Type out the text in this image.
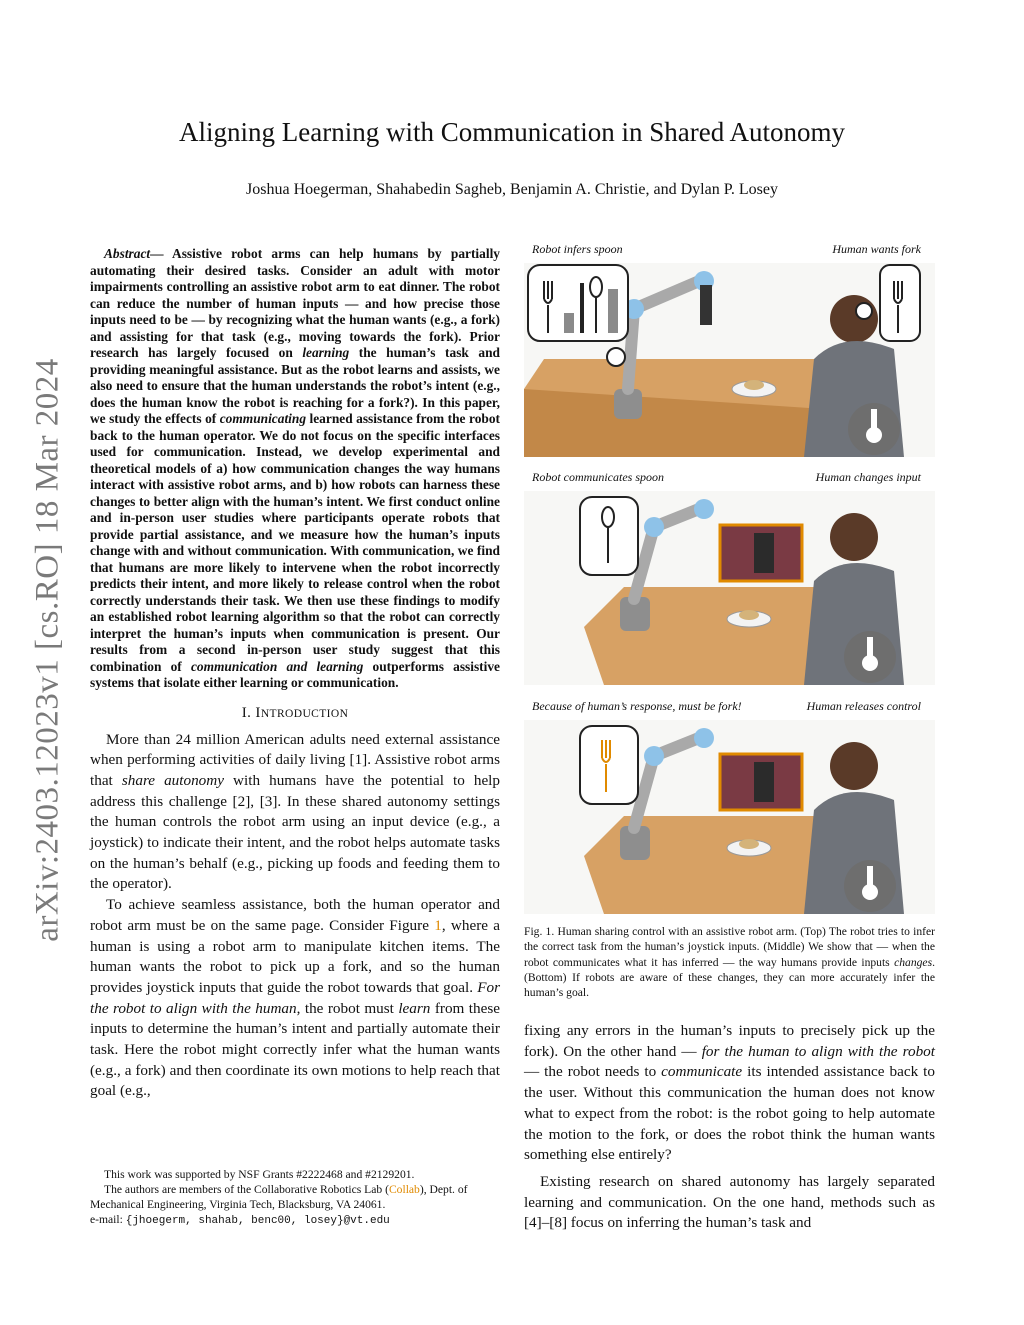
arXiv:2403.12023v1 [cs.RO] 18 Mar 2024
Aligning Learning with Communication in Shared Autonomy
Joshua Hoegerman, Shahabedin Sagheb, Benjamin A. Christie, and Dylan P. Losey
Abstract— Assistive robot arms can help humans by partially automating their desired tasks. Consider an adult with motor impairments controlling an assistive robot arm to eat dinner. The robot can reduce the number of human inputs — and how precise those inputs need to be — by recognizing what the human wants (e.g., a fork) and assisting for that task (e.g., moving towards the fork). Prior research has largely focused on learning the human’s task and providing meaningful assistance. But as the robot learns and assists, we also need to ensure that the human understands the robot’s intent (e.g., does the human know the robot is reaching for a fork?). In this paper, we study the effects of communicating learned assistance from the robot back to the human operator. We do not focus on the specific interfaces used for communication. Instead, we develop experimental and theoretical models of a) how communication changes the way humans interact with assistive robot arms, and b) how robots can harness these changes to better align with the human’s intent. We first conduct online and in-person user studies where participants operate robots that provide partial assistance, and we measure how the human’s inputs change with and without communication. With communication, we find that humans are more likely to intervene when the robot incorrectly predicts their intent, and more likely to release control when the robot correctly understands their task. We then use these findings to modify an established robot learning algorithm so that the robot can correctly interpret the human’s inputs when communication is present. Our results from a second in-person user study suggest that this combination of communication and learning outperforms assistive systems that isolate either learning or communication.
I. INTRODUCTION

More than 24 million American adults need external assistance when performing activities of daily living [1]. Assistive robot arms that share autonomy with humans have the potential to help address this challenge [2], [3]. In these shared autonomy settings the human controls the robot arm using an input device (e.g., a joystick) to indicate their intent, and the robot helps automate tasks on the human’s behalf (e.g., picking up foods and feeding them to the operator).

To achieve seamless assistance, both the human operator and robot arm must be on the same page. Consider Figure 1, where a human is using a robot arm to manipulate kitchen items. The human wants the robot to pick up a fork, and so the human provides joystick inputs that guide the robot towards that goal. For the robot to align with the human, the robot must learn from these inputs to determine the human’s intent and partially automate their task. Here the robot might correctly infer what the human wants (e.g., a fork) and then coordinate its own motions to help reach that goal (e.g.,

This work was supported by NSF Grants #2222468 and #2129201.
The authors are members of the Collaborative Robotics Lab (Collab), Dept. of Mechanical Engineering, Virginia Tech, Blacksburg, VA 24061.
e-mail: {jhoegerm, shahab, benc00, losey}@vt.edu
Robot infers spoon	Human wants fork
Robot communicates spoon	Human changes input
Because of human’s response, must be fork!	Human releases control
Fig. 1. Human sharing control with an assistive robot arm. (Top) The robot tries to infer the correct task from the human’s joystick inputs. (Middle) We show that — when the robot communicates what it has inferred — the way humans provide inputs changes. (Bottom) If robots are aware of these changes, they can more accurately infer the human’s goal.

fixing any errors in the human’s inputs to precisely pick up the fork). On the other hand — for the human to align with the robot — the robot needs to communicate its intended assistance back to the user. Without this communication the human does not know what to expect from the robot: is the robot going to help automate the motion to the fork, or does the robot think the human wants something else entirely?

Existing research on shared autonomy has largely separated learning and communication. On the one hand, methods such as [4]–[8] focus on inferring the human’s task and
